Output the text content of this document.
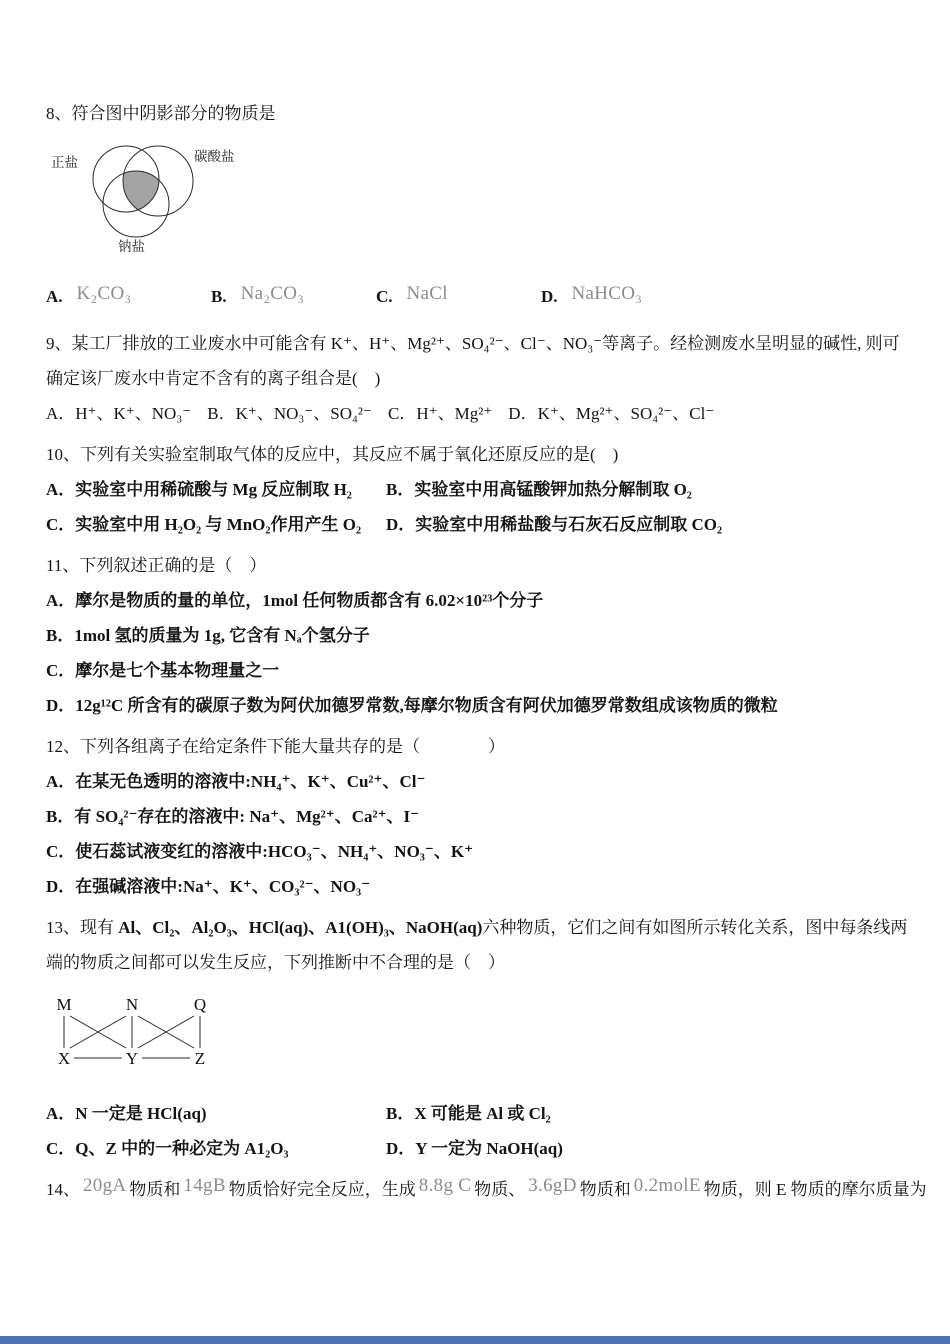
8、符合图中阴影部分的物质是
正盐	碳酸盐
钠盐
A. K₂CO₃	B. Na₂CO₃	C. NaCl	D. NaHCO₃
9、某工厂排放的工业废水中可能含有 K⁺、H⁺、Mg²⁺、SO₄²⁻、Cl⁻、NO₃⁻等离子。经检测废水呈明显的碱性, 则可确定该厂废水中肯定不含有的离子组合是(　)
A．H⁺、K⁺、NO₃⁻ B．K⁺、NO₃⁻、SO₄²⁻ C．H⁺、Mg²⁺ D．K⁺、Mg²⁺、SO₄²⁻、Cl⁻
10、下列有关实验室制取气体的反应中，其反应不属于氧化还原反应的是(　)
A．实验室中用稀硫酸与 Mg 反应制取 H₂	B．实验室中用高锰酸钾加热分解制取 O₂
C．实验室中用 H₂O₂ 与 MnO₂作用产生 O₂	D．实验室中用稀盐酸与石灰石反应制取 CO₂
11、下列叙述正确的是（　）
A．摩尔是物质的量的单位，1mol 任何物质都含有 6.02×10²³个分子
B．1mol 氢的质量为 1g, 它含有 Nₐ个氢分子
C．摩尔是七个基本物理量之一
D．12g¹²C 所含有的碳原子数为阿伏加德罗常数,每摩尔物质含有阿伏加德罗常数组成该物质的微粒
12、下列各组离子在给定条件下能大量共存的是（　　　　）
A．在某无色透明的溶液中:NH₄⁺、K⁺、Cu²⁺、Cl⁻
B．有 SO₄²⁻存在的溶液中: Na⁺、Mg²⁺、Ca²⁺、I⁻
C．使石蕊试液变红的溶液中:HCO₃⁻、NH₄⁺、NO₃⁻、K⁺
D．在强碱溶液中:Na⁺、K⁺、CO₃²⁻、NO₃⁻
13、现有 Al、Cl₂、Al₂O₃、HCl(aq)、A1(OH)₃、NaOH(aq)六种物质，它们之间有如图所示转化关系，图中每条线两端的物质之间都可以发生反应，下列推断中不合理的是（　）
M	N	Q
X	Y	Z
A．N 一定是 HCl(aq)	B．X 可能是 Al 或 Cl₂
C．Q、Z 中的一种必定为 A1₂O₃	D．Y 一定为 NaOH(aq)
14、 20gA 物质和 14gB 物质恰好完全反应，生成 8.8g C 物质、 3.6gD 物质和 0.2molE 物质，则 E 物质的摩尔质量为
